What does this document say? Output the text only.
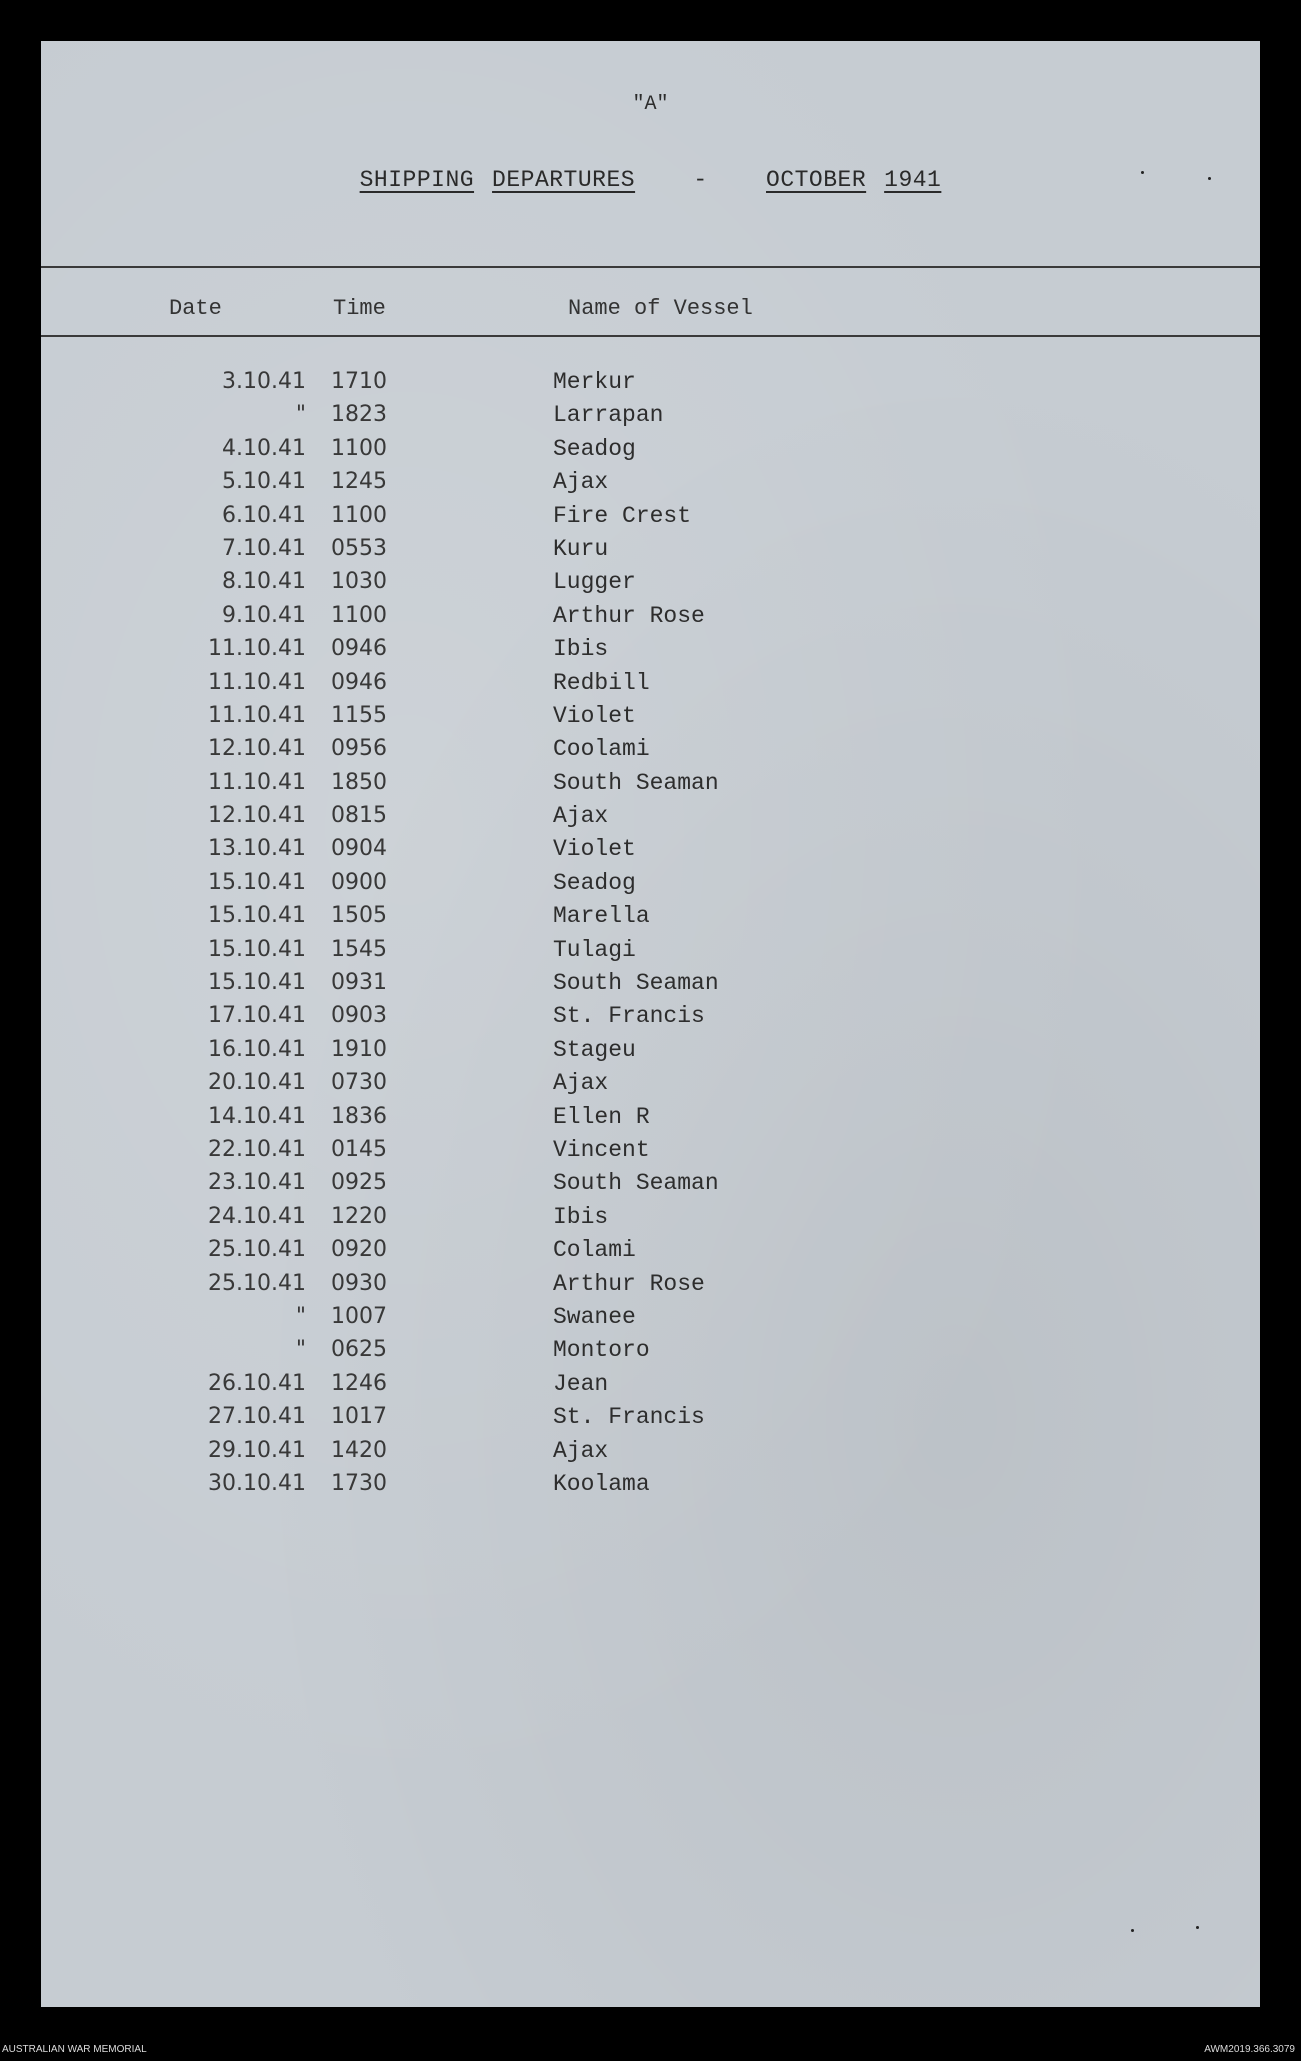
"A"
SHIPPING DEPARTURES	-	OCTOBER 1941
Date	Time	Name of Vessel
3.10.41 1710	Merkur
" 1823	Larrapan
4.10.41 1100	Seadog
5.10.41 1245	Ajax
6.10.41 1100	Fire Crest
7.10.41 0553	Kuru
8.10.41 1030	Lugger
9.10.41 1100	Arthur Rose
11.10.41 0946	Ibis
11.10.41 0946	Redbill
11.10.41 1155	Violet
12.10.41 0956	Coolami
11.10.41 1850	South Seaman
12.10.41 0815	Ajax
13.10.41 0904	Violet
15.10.41 0900	Seadog
15.10.41 1505	Marella
15.10.41 1545	Tulagi
15.10.41 0931	South Seaman
17.10.41 0903	St. Francis
16.10.41 1910	Stageu
20.10.41 0730	Ajax
14.10.41 1836	Ellen R
22.10.41 0145	Vincent
23.10.41 0925	South Seaman
24.10.41 1220	Ibis
25.10.41 0920	Colami
25.10.41 0930	Arthur Rose
" 1007	Swanee
" 0625	Montoro
26.10.41 1246	Jean
27.10.41 1017	St. Francis
29.10.41 1420	Ajax
30.10.41 1730	Koolama
AUSTRALIAN WAR MEMORIAL	AWM2019.366.3079
